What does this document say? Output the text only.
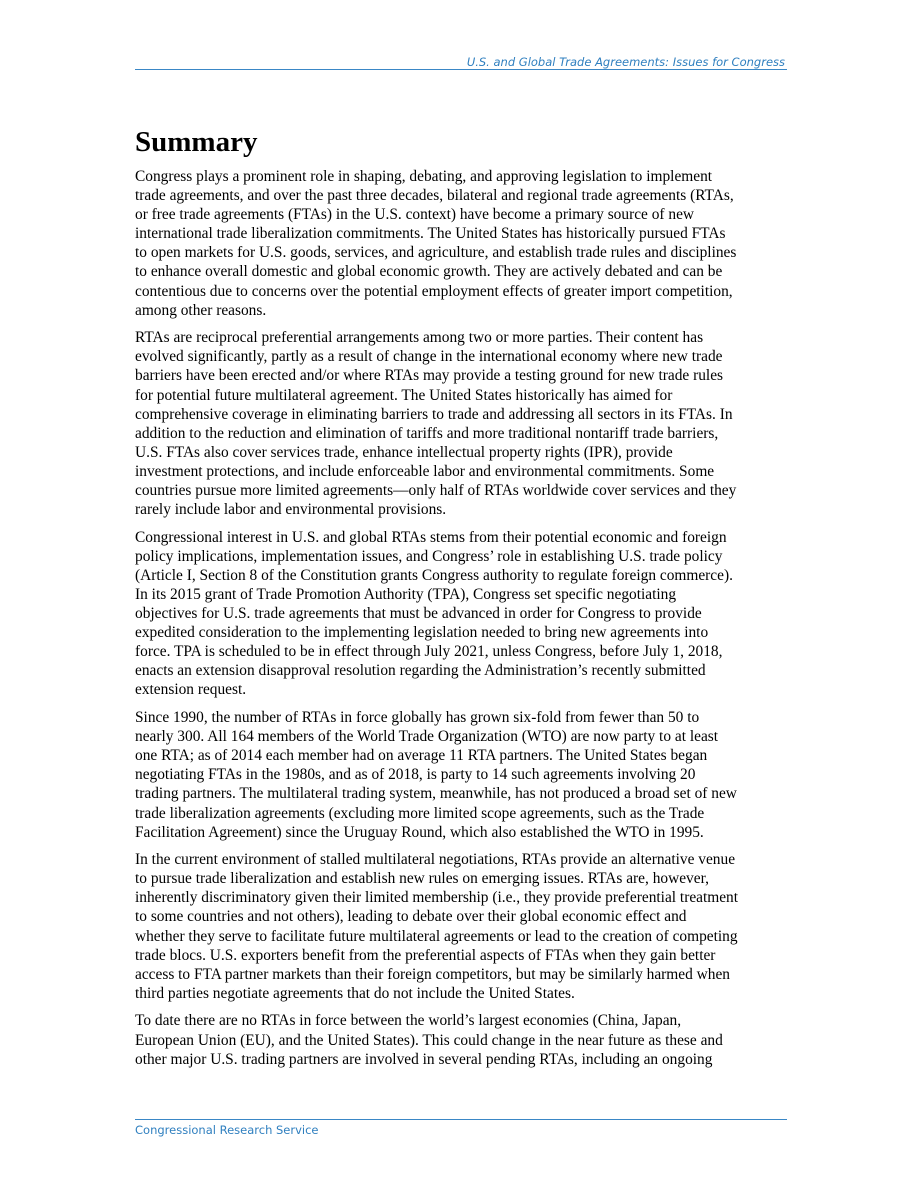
U.S. and Global Trade Agreements: Issues for Congress

Summary

Congress plays a prominent role in shaping, debating, and approving legislation to implement
trade agreements, and over the past three decades, bilateral and regional trade agreements (RTAs,
or free trade agreements (FTAs) in the U.S. context) have become a primary source of new
international trade liberalization commitments. The United States has historically pursued FTAs
to open markets for U.S. goods, services, and agriculture, and establish trade rules and disciplines
to enhance overall domestic and global economic growth. They are actively debated and can be
contentious due to concerns over the potential employment effects of greater import competition,
among other reasons.

RTAs are reciprocal preferential arrangements among two or more parties. Their content has
evolved significantly, partly as a result of change in the international economy where new trade
barriers have been erected and/or where RTAs may provide a testing ground for new trade rules
for potential future multilateral agreement. The United States historically has aimed for
comprehensive coverage in eliminating barriers to trade and addressing all sectors in its FTAs. In
addition to the reduction and elimination of tariffs and more traditional nontariff trade barriers,
U.S. FTAs also cover services trade, enhance intellectual property rights (IPR), provide
investment protections, and include enforceable labor and environmental commitments. Some
countries pursue more limited agreements—only half of RTAs worldwide cover services and they
rarely include labor and environmental provisions.

Congressional interest in U.S. and global RTAs stems from their potential economic and foreign
policy implications, implementation issues, and Congress’ role in establishing U.S. trade policy
(Article I, Section 8 of the Constitution grants Congress authority to regulate foreign commerce).
In its 2015 grant of Trade Promotion Authority (TPA), Congress set specific negotiating
objectives for U.S. trade agreements that must be advanced in order for Congress to provide
expedited consideration to the implementing legislation needed to bring new agreements into
force. TPA is scheduled to be in effect through July 2021, unless Congress, before July 1, 2018,
enacts an extension disapproval resolution regarding the Administration’s recently submitted
extension request.

Since 1990, the number of RTAs in force globally has grown six-fold from fewer than 50 to
nearly 300. All 164 members of the World Trade Organization (WTO) are now party to at least
one RTA; as of 2014 each member had on average 11 RTA partners. The United States began
negotiating FTAs in the 1980s, and as of 2018, is party to 14 such agreements involving 20
trading partners. The multilateral trading system, meanwhile, has not produced a broad set of new
trade liberalization agreements (excluding more limited scope agreements, such as the Trade
Facilitation Agreement) since the Uruguay Round, which also established the WTO in 1995.

In the current environment of stalled multilateral negotiations, RTAs provide an alternative venue
to pursue trade liberalization and establish new rules on emerging issues. RTAs are, however,
inherently discriminatory given their limited membership (i.e., they provide preferential treatment
to some countries and not others), leading to debate over their global economic effect and
whether they serve to facilitate future multilateral agreements or lead to the creation of competing
trade blocs. U.S. exporters benefit from the preferential aspects of FTAs when they gain better
access to FTA partner markets than their foreign competitors, but may be similarly harmed when
third parties negotiate agreements that do not include the United States.

To date there are no RTAs in force between the world’s largest economies (China, Japan,
European Union (EU), and the United States). This could change in the near future as these and
other major U.S. trading partners are involved in several pending RTAs, including an ongoing

Congressional Research Service
